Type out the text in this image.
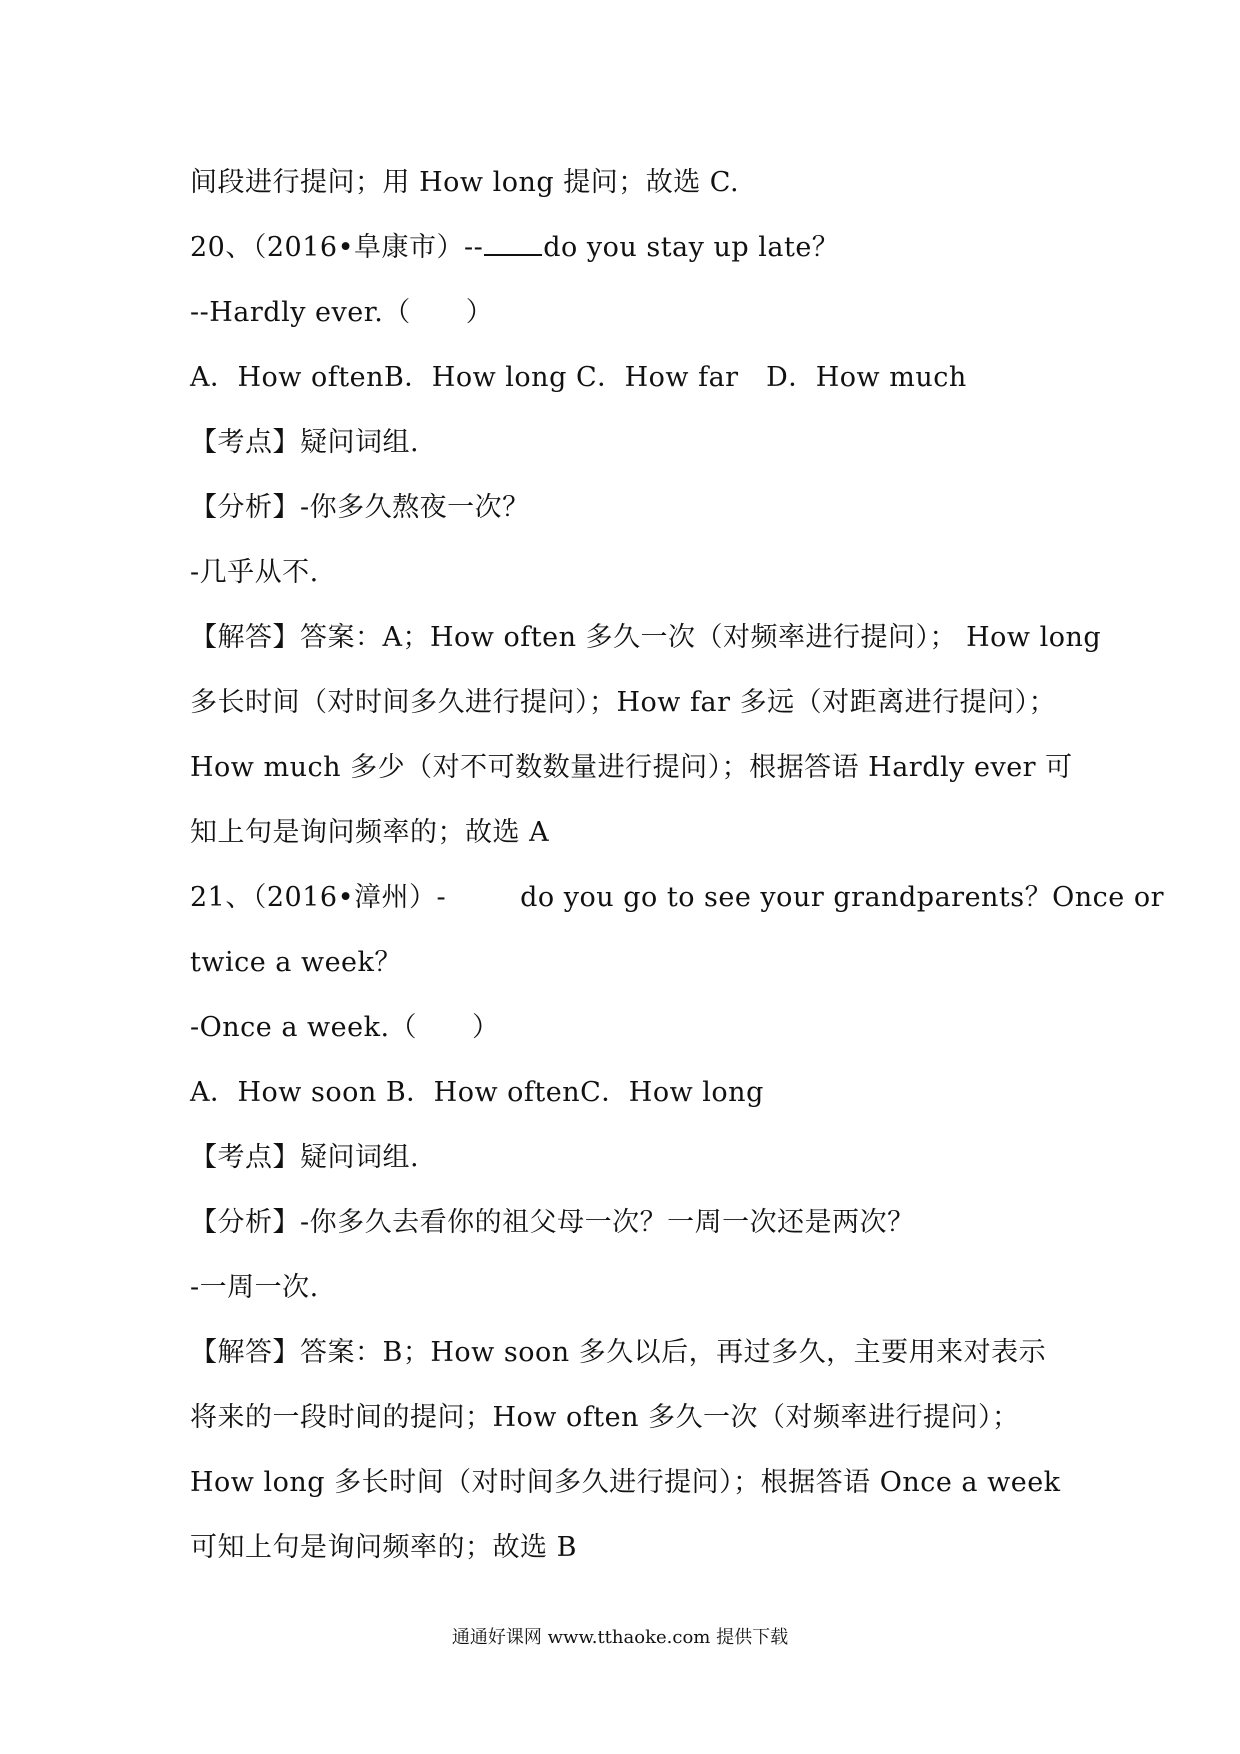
间段进行提问；用 How long 提问；故选 C.
20、（2016•阜康市）-- do you stay up late？
--Hardly ever.（　　）
A．How oftenB．How long C．How far　D．How much
【考点】疑问词组.
【分析】-你多久熬夜一次？
-几乎从不.
【解答】答案：A；How often 多久一次（对频率进行提问）； How long
多长时间（对时间多久进行提问）；How far 多远（对距离进行提问）；
How much 多少（对不可数数量进行提问）；根据答语 Hardly ever 可
知上句是询问频率的；故选 A
21、（2016•漳州）-	do you go to see your grandparents？Once or
twice a week？
-Once a week.（　　）
A．How soon B．How oftenC．How long
【考点】疑问词组.
【分析】-你多久去看你的祖父母一次？一周一次还是两次？
-一周一次.
【解答】答案：B；How soon 多久以后，再过多久，主要用来对表示
将来的一段时间的提问；How often 多久一次（对频率进行提问）；
How long 多长时间（对时间多久进行提问）；根据答语 Once a week
可知上句是询问频率的；故选 B
通通好课网 www.tthaoke.com 提供下载
